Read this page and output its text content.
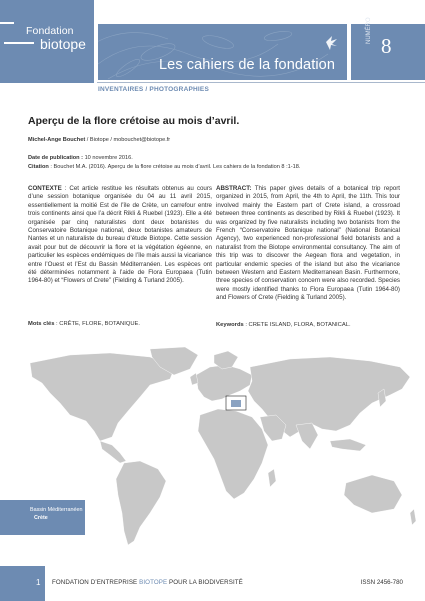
Fondation
biotope
Les cahiers de la fondation
NUMÉRO
8
INVENTAIRES / PHOTOGRAPHIES
Aperçu de la flore crétoise au mois d’avril.
Michel-Ange Bouchet / Biotope / mobouchet@biotope.fr
Date de publication : 10 novembre 2016.
Citation : Bouchet M.A. (2016). Aperçu de la flore crétoise au mois d’avril. Les cahiers de la fondation 8 :1-18.
CONTEXTE : Cet article restitue les résultats obtenus au cours d’une session botanique organisée du 04 au 11 avril 2015, essentiellement la moitié Est de l’île de Crète, un carrefour entre trois continents ainsi que l’a décrit Rikli & Ruebel (1923). Elle a été organisée par cinq naturalistes dont deux botanistes du Conservatoire Botanique national, deux botanistes amateurs de Nantes et un naturaliste du bureau d’étude Biotope. Cette session avait pour but de découvrir la flore et la végétation égéenne, en particulier les espèces endémiques de l’île mais aussi la vicariance entre l’Ouest et l’Est du Bassin Méditerranéen. Les espèces ont été déterminées notamment à l’aide de Flora Europaea (Tutin 1964-80) et “Flowers of Crete” (Fielding & Turland 2005).
Mots clés : CRÊTE, FLORE, BOTANIQUE.
ABSTRACT: This paper gives details of a botanical trip report organized in 2015, from April, the 4th to April, the 11th. This tour involved mainly the Eastern part of Crete island, a crossroad between three continents as described by Rikli & Ruebel (1923). It was organized by five naturalists including two botanists from the French “Conservatoire Botanique national” (National Botanical Agency), two experienced non-professional field botanists and a naturalist from the Biotope environmental consultancy. The aim of this trip was to discover the Aegean flora and vegetation, in particular endemic species of the island but also the vicariance between Western and Eastern Mediterranean Basin. Furthermore, three species of conservation concern were also recorded. Species were mostly identified thanks to Flora Europaea (Tutin 1964-80) and Flowers of Crete (Fielding & Turland 2005).
Keywords : CRETE ISLAND, FLORA, BOTANICAL.
Bassin Méditerranéen
Crète
1 FONDATION D’ENTREPRISE BIOTOPE POUR LA BIODIVERSITÉ	ISSN 2456-780
